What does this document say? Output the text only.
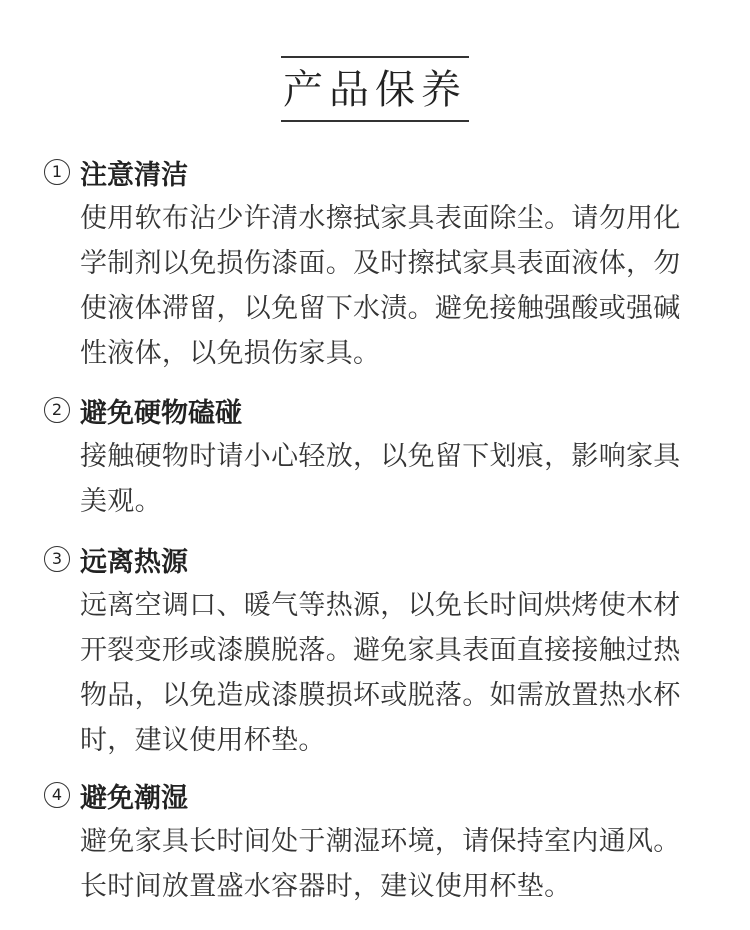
产品保养
1 注意清洁
使用软布沾少许清水擦拭家具表面除尘。请勿用化学制剂以免损伤漆面。及时擦拭家具表面液体，勿使液体滞留，以免留下水渍。避免接触强酸或强碱性液体，以免损伤家具。
2 避免硬物磕碰
接触硬物时请小心轻放，以免留下划痕，影响家具美观。
3 远离热源
远离空调口、暖气等热源，以免长时间烘烤使木材开裂变形或漆膜脱落。避免家具表面直接接触过热物品，以免造成漆膜损坏或脱落。如需放置热水杯时，建议使用杯垫。
4 避免潮湿
避免家具长时间处于潮湿环境，请保持室内通风。长时间放置盛水容器时，建议使用杯垫。
